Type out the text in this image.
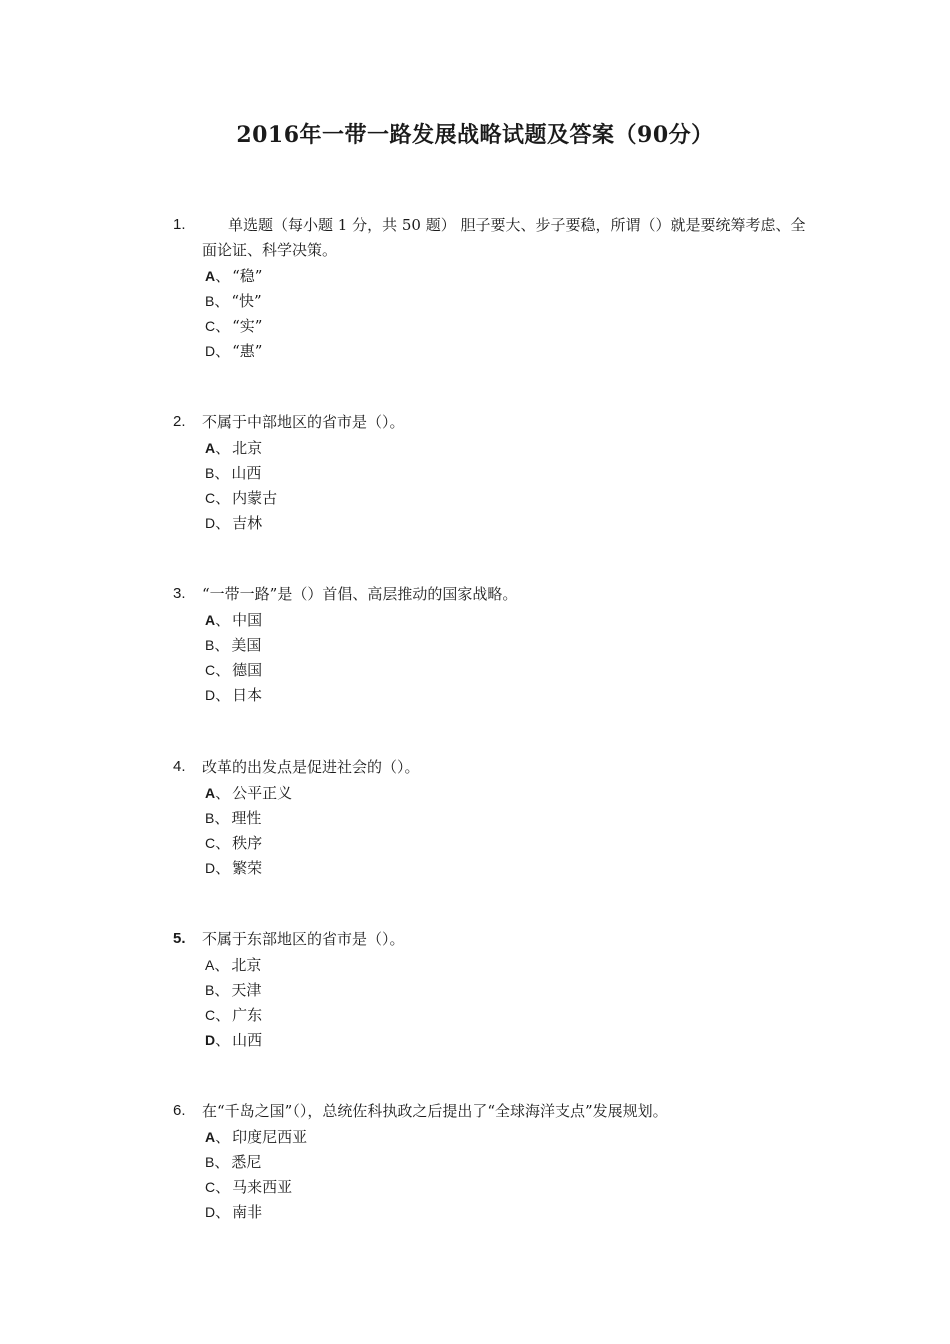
2016年一带一路发展战略试题及答案（90分）
1.	单选题（每小题 1 分，共 50 题） 胆子要大、步子要稳，所谓（）就是要统筹考虑、全面论证、科学决策。
A、 “稳”
B、 “快”
C、 “实”
D、 “惠”
2. 不属于中部地区的省市是（）。
A、 北京
B、 山西
C、 内蒙古
D、 吉林
3. “一带一路”是（）首倡、高层推动的国家战略。
A、 中国
B、 美国
C、 德国
D、 日本
4. 改革的出发点是促进社会的（）。
A、 公平正义
B、 理性
C、 秩序
D、 繁荣
5. 不属于东部地区的省市是（）。
A、 北京
B、 天津
C、 广东
D、 山西
6. 在“千岛之国”（），总统佐科执政之后提出了“全球海洋支点”发展规划。
A、 印度尼西亚
B、 悉尼
C、 马来西亚
D、 南非
